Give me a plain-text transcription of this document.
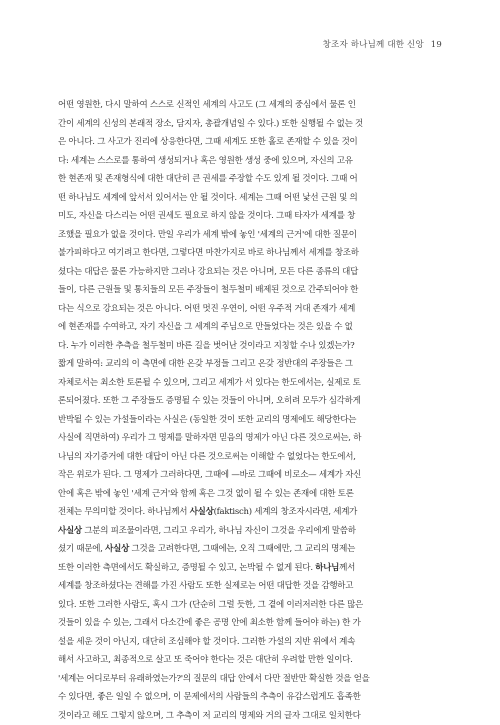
창조자 하나님께 대한 신앙 19
어떤 영원한, 다시 말하여 스스로 신적인 세계의 사고도 (그 세계의 중심에서 물론 인
간이 세계의 신성의 본래적 장소, 담지자, 총괄개념일 수 있다.) 또한 실행될 수 없는 것
은 아니다. 그 사고가 진리에 상응한다면, 그때 세계도 또한 홀로 존재할 수 있을 것이
다: 세계는 스스로를 통하여 생성되거나 혹은 영원한 생성 중에 있으며, 자신의 고유
한 현존재 및 존재형식에 대한 대단히 큰 권세를 주장할 수도 있게 될 것이다. 그때 어
떤 하나님도 세계에 앞서서 있어서는 안 될 것이다. 세계는 그때 어떤 낯선 근원 및 의
미도, 자신을 다스리는 어떤 권세도 필요로 하지 않을 것이다. 그때 타자가 세계를 창
조했을 필요가 없을 것이다. 만일 우리가 세계 밖에 놓인 '세계의 근거'에 대한 질문이
불가피하다고 여기려고 한다면, 그렇다면 마찬가지로 바로 하나님께서 세계를 창조하
셨다는 대답은 물론 가능하지만 그러나 강요되는 것은 아니며, 모든 다른 종류의 대답
들이, 다른 근원들 및 통치들의 모든 주장들이 철두철미 배제된 것으로 간주되어야 한
다는 식으로 강요되는 것은 아니다. 어떤 멋진 우연이, 어떤 우주적 거대 존재가 세계
에 현존재를 수여하고, 자기 자신을 그 세계의 주님으로 만들었다는 것은 있을 수 없
다. 누가 이러한 추측을 철두철미 바른 길을 벗어난 것이라고 지칭할 수나 있겠는가?
짧게 말하여: 교리의 이 측면에 대한 온갖 부정들 그리고 온갖 정반대의 주장들은 그
자체로서는 최소한 토론될 수 있으며, 그리고 세계가 서 있다는 한도에서는, 실제로 토
론되어졌다. 또한 그 주장들도 증명될 수 있는 것들이 아니며, 오히려 모두가 심각하게
반박될 수 있는 가설들이라는 사실은 (동일한 것이 또한 교리의 명제에도 해당한다는
사실에 직면하여) 우리가 그 명제를 말하자면 믿음의 명제가 아닌 다른 것으로써는, 하
나님의 자기증거에 대한 대답이 아닌 다른 것으로써는 이해할 수 없었다는 한도에서,
작은 위로가 된다. 그 명제가 그러하다면, 그때에 —바로 그때에 비로소— 세계가 자신
안에 혹은 밖에 놓인 '세계 근거'와 함께 혹은 그것 없이 될 수 있는 존재에 대한 토론
전체는 무의미할 것이다. 하나님께서 사실상(faktisch) 세계의 창조자시라면, 세계가
사실상 그분의 피조물이라면, 그리고 우리가, 하나님 자신이 그것을 우리에게 말씀하
셨기 때문에, 사실상 그것을 고려한다면, 그때에는, 오직 그때에만, 그 교리의 명제는
또한 이러한 측면에서도 확실하고, 증명될 수 있고, 논박될 수 없게 된다. 하나님께서
세계를 창조하셨다는 견해를 가진 사람도 또한 실제로는 어떤 대답한 것을 감행하고
있다. 또한 그러한 사람도, 혹시 그가 (단순히 그럴 듯한, 그 곁에 이러저러한 다른 많은
것들이 있을 수 있는, 그래서 다소간에 좋은 공명 안에 최소한 함께 들어야 하는) 한 가
설을 세운 것이 아닌지, 대단히 조심해야 할 것이다. 그러한 가설의 지반 위에서 계속
해서 사고하고, 최종적으로 살고 또 죽어야 한다는 것은 대단히 우려할 만한 일이다.
'세계는 어디로부터 유래하였는가?'의 질문의 대답 안에서 다만 절반만 확실한 것을 얻을
수 있다면, 좋은 일일 수 없으며, 이 문제에서의 사람들의 추측이 유감스럽게도 흡족한
것이라고 해도 그렇지 않으며, 그 추측이 저 교리의 명제와 거의 글자 그대로 일치한다
